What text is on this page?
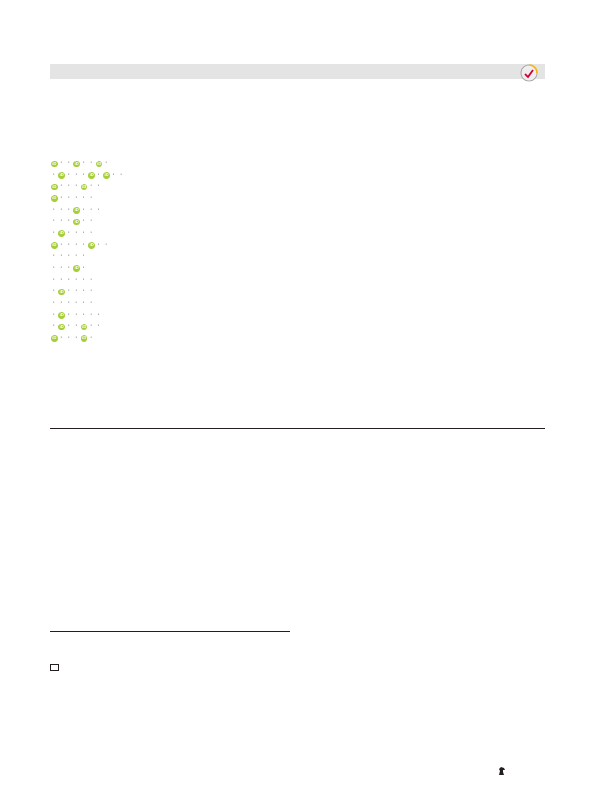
iD · · iD · · iD ·
· iD · · · iD · iD · ·
iD · · · iD · ·
iD · · · · ·
· · · iD · · ·
· · · iD · ·
· iD · · · ·
iD · · · · iD · ·
· · · · ·
· · · iD ·
· · · · · ·
· iD · · · ·
· · · · · ·
· iD · · · · ·
· iD · · iD · ·
iD · · · iD ·
